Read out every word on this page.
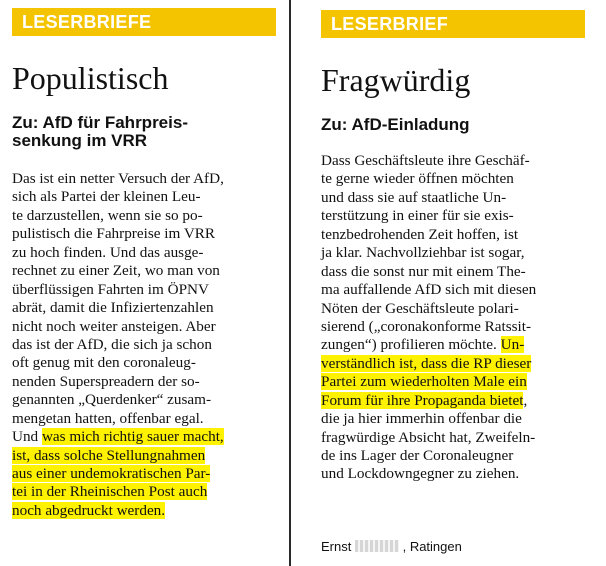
LESERBRIEFE
Populistisch
Zu: AfD für Fahrpreis-
senkung im VRR
Das ist ein netter Versuch der AfD,
sich als Partei der kleinen Leu-
te darzustellen, wenn sie so po-
pulistisch die Fahrpreise im VRR
zu hoch finden. Und das ausge-
rechnet zu einer Zeit, wo man von
überflüssigen Fahrten im ÖPNV
abrät, damit die Infiziertenzahlen
nicht noch weiter ansteigen. Aber
das ist der AfD, die sich ja schon
oft genug mit den coronaleug-
nenden Superspreadern der so-
genannten „Querdenker“ zusam-
mengetan hatten, offenbar egal.
Und was mich richtig sauer macht,
ist, dass solche Stellungnahmen
aus einer undemokratischen Par-
tei in der Rheinischen Post auch
noch abgedruckt werden.
LESERBRIEF
Fragwürdig
Zu: AfD-Einladung
Dass Geschäftsleute ihre Geschäf-
te gerne wieder öffnen möchten
und dass sie auf staatliche Un-
terstützung in einer für sie exis-
tenzbedrohenden Zeit hoffen, ist
ja klar. Nachvollziehbar ist sogar,
dass die sonst nur mit einem The-
ma auffallende AfD sich mit diesen
Nöten der Geschäftsleute polari-
sierend („coronakonforme Ratssit-
zungen“) profilieren möchte. Un-
verständlich ist, dass die RP dieser
Partei zum wiederholten Male ein
Forum für ihre Propaganda bietet,
die ja hier immerhin offenbar die
fragwürdige Absicht hat, Zweifeln-
de ins Lager der Coronaleugner
und Lockdowngegner zu ziehen.
Ernst	, Ratingen
